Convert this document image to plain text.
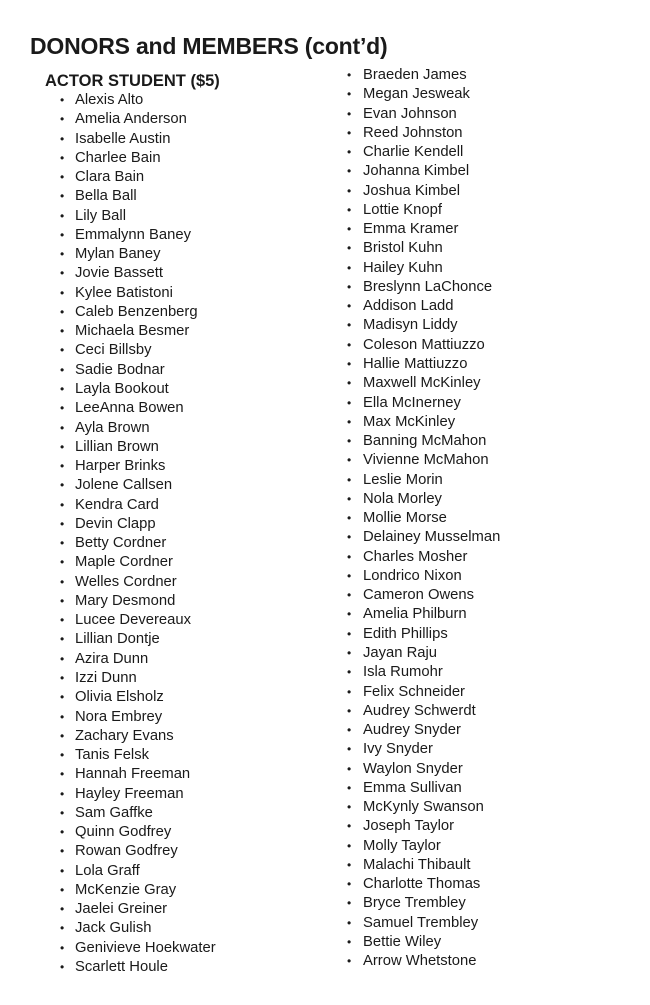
DONORS and MEMBERS (cont’d)
ACTOR STUDENT ($5)
• Alexis Alto
• Amelia Anderson
• Isabelle Austin
• Charlee Bain
• Clara Bain
• Bella Ball
• Lily Ball
• Emmalynn Baney
• Mylan Baney
• Jovie Bassett
• Kylee Batistoni
• Caleb Benzenberg
• Michaela Besmer
• Ceci Billsby
• Sadie Bodnar
• Layla Bookout
• LeeAnna Bowen
• Ayla Brown
• Lillian Brown
• Harper Brinks
• Jolene Callsen
• Kendra Card
• Devin Clapp
• Betty Cordner
• Maple Cordner
• Welles Cordner
• Mary Desmond
• Lucee Devereaux
• Lillian Dontje
• Azira Dunn
• Izzi Dunn
• Olivia Elsholz
• Nora Embrey
• Zachary Evans
• Tanis Felsk
• Hannah Freeman
• Hayley Freeman
• Sam Gaffke
• Quinn Godfrey
• Rowan Godfrey
• Lola Graff
• McKenzie Gray
• Jaelei Greiner
• Jack Gulish
• Genivieve Hoekwater
• Scarlett Houle
• Braeden James
• Megan Jesweak
• Evan Johnson
• Reed Johnston
• Charlie Kendell
• Johanna Kimbel
• Joshua Kimbel
• Lottie Knopf
• Emma Kramer
• Bristol Kuhn
• Hailey Kuhn
• Breslynn LaChonce
• Addison Ladd
• Madisyn Liddy
• Coleson Mattiuzzo
• Hallie Mattiuzzo
• Maxwell McKinley
• Ella McInerney
• Max McKinley
• Banning McMahon
• Vivienne McMahon
• Leslie Morin
• Nola Morley
• Mollie Morse
• Delainey Musselman
• Charles Mosher
• Londrico Nixon
• Cameron Owens
• Amelia Philburn
• Edith Phillips
• Jayan Raju
• Isla Rumohr
• Felix Schneider
• Audrey Schwerdt
• Audrey Snyder
• Ivy Snyder
• Waylon Snyder
• Emma Sullivan
• McKynly Swanson
• Joseph Taylor
• Molly Taylor
• Malachi Thibault
• Charlotte Thomas
• Bryce Trembley
• Samuel Trembley
• Bettie Wiley
• Arrow Whetstone
